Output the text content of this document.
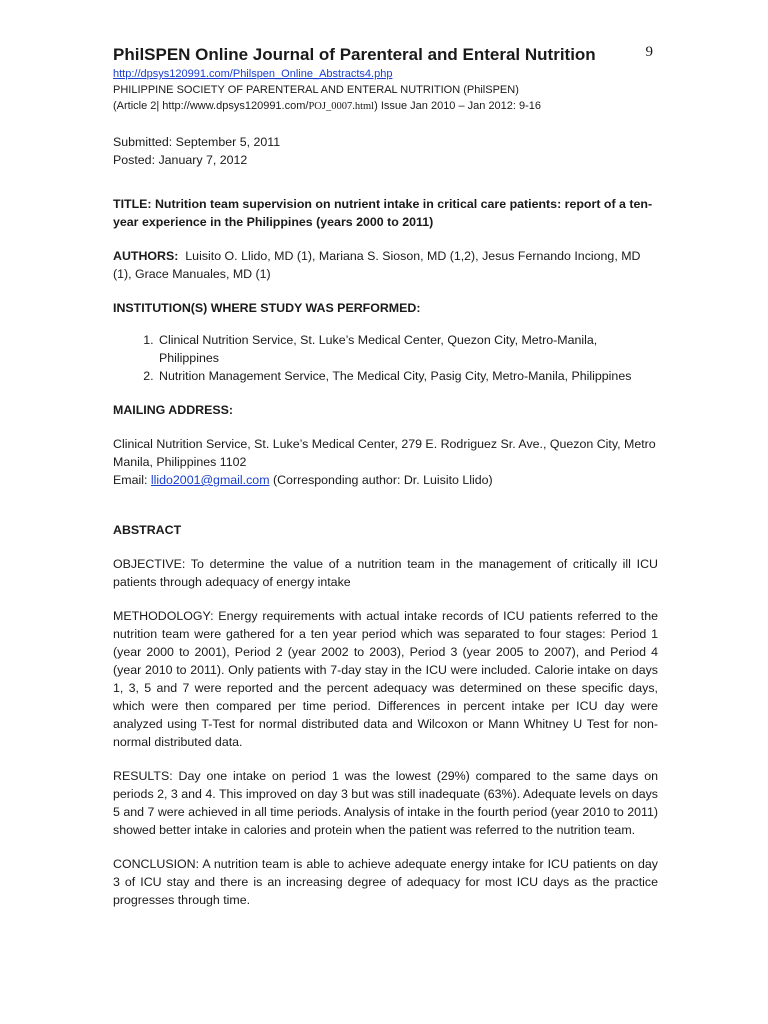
9
PhilSPEN Online Journal of Parenteral and Enteral Nutrition
http://dpsys120991.com/Philspen_Online_Abstracts4.php
PHILIPPINE SOCIETY OF PARENTERAL AND ENTERAL NUTRITION (PhilSPEN)
(Article 2| http://www.dpsys120991.com/POJ_0007.html) Issue Jan 2010 – Jan 2012: 9-16
Submitted: September 5, 2011
Posted: January 7, 2012
TITLE: Nutrition team supervision on nutrient intake in critical care patients: report of a ten-year experience in the Philippines (years 2000 to 2011)
AUTHORS: Luisito O. Llido, MD (1), Mariana S. Sioson, MD (1,2), Jesus Fernando Inciong, MD (1), Grace Manuales, MD (1)
INSTITUTION(S) WHERE STUDY WAS PERFORMED:
1. Clinical Nutrition Service, St. Luke’s Medical Center, Quezon City, Metro-Manila, Philippines
2. Nutrition Management Service, The Medical City, Pasig City, Metro-Manila, Philippines
MAILING ADDRESS:
Clinical Nutrition Service, St. Luke’s Medical Center, 279 E. Rodriguez Sr. Ave., Quezon City, Metro Manila, Philippines 1102
Email: llido2001@gmail.com (Corresponding author: Dr. Luisito Llido)
ABSTRACT
OBJECTIVE: To determine the value of a nutrition team in the management of critically ill ICU patients through adequacy of energy intake
METHODOLOGY: Energy requirements with actual intake records of ICU patients referred to the nutrition team were gathered for a ten year period which was separated to four stages: Period 1 (year 2000 to 2001), Period 2 (year 2002 to 2003), Period 3 (year 2005 to 2007), and Period 4 (year 2010 to 2011). Only patients with 7-day stay in the ICU were included. Calorie intake on days 1, 3, 5 and 7 were reported and the percent adequacy was determined on these specific days, which were then compared per time period. Differences in percent intake per ICU day were analyzed using T-Test for normal distributed data and Wilcoxon or Mann Whitney U Test for non-normal distributed data.
RESULTS: Day one intake on period 1 was the lowest (29%) compared to the same days on periods 2, 3 and 4. This improved on day 3 but was still inadequate (63%). Adequate levels on days 5 and 7 were achieved in all time periods. Analysis of intake in the fourth period (year 2010 to 2011) showed better intake in calories and protein when the patient was referred to the nutrition team.
CONCLUSION: A nutrition team is able to achieve adequate energy intake for ICU patients on day 3 of ICU stay and there is an increasing degree of adequacy for most ICU days as the practice progresses through time.
